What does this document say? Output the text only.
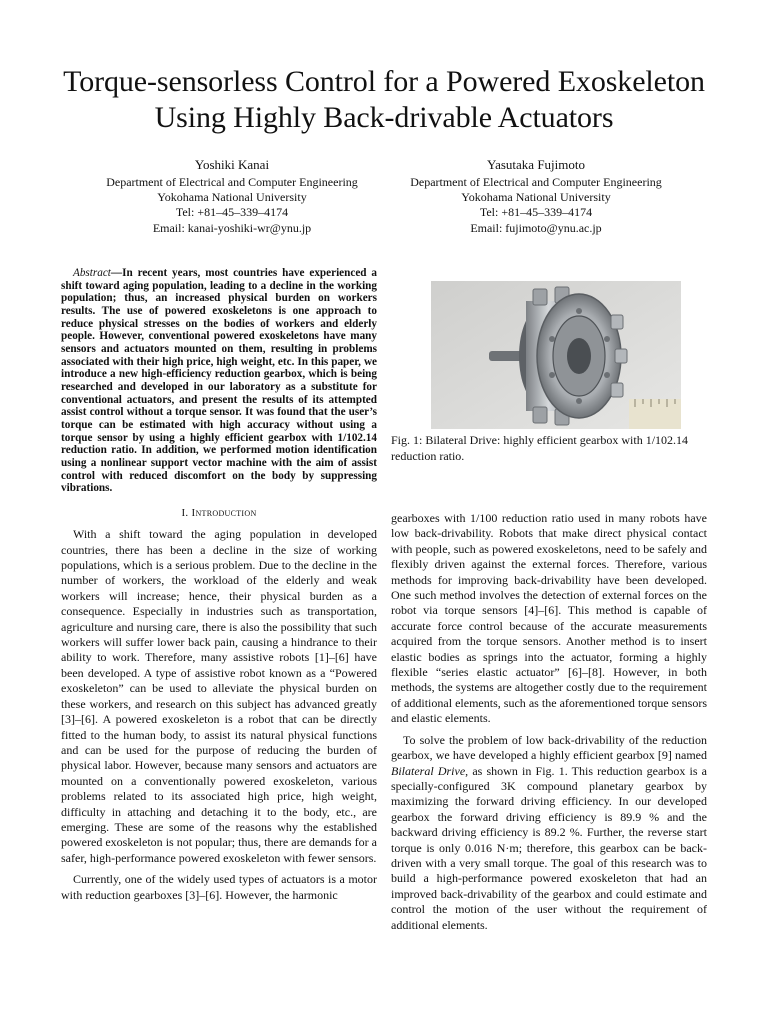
Torque-sensorless Control for a Powered Exoskeleton Using Highly Back-drivable Actuators
Yoshiki Kanai
Department of Electrical and Computer Engineering
Yokohama National University
Tel: +81–45–339–4174
Email: kanai-yoshiki-wr@ynu.jp
Yasutaka Fujimoto
Department of Electrical and Computer Engineering
Yokohama National University
Tel: +81–45–339–4174
Email: fujimoto@ynu.ac.jp

Abstract—In recent years, most countries have experienced a shift toward aging population, leading to a decline in the working population; thus, an increased physical burden on workers results. The use of powered exoskeletons is one approach to reduce physical stresses on the bodies of workers and elderly people. However, conventional powered exoskeletons have many sensors and actuators mounted on them, resulting in problems associated with their high price, high weight, etc. In this paper, we introduce a new high-efficiency reduction gearbox, which is being researched and developed in our laboratory as a substitute for conventional actuators, and present the results of its attempted assist control without a torque sensor. It was found that the user’s torque can be estimated with high accuracy without using a torque sensor by using a highly efficient gearbox with 1/102.14 reduction ratio. In addition, we performed motion identification using a nonlinear support vector machine with the aim of assist control with reduced discomfort on the body by suppressing vibrations.

I. Introduction

With a shift toward the aging population in developed countries, there has been a decline in the size of working populations, which is a serious problem. Due to the decline in the number of workers, the workload of the elderly and weak workers will increase; hence, their physical burden as a consequence. Especially in industries such as transportation, agriculture and nursing care, there is also the possibility that such workers will suffer lower back pain, causing a hindrance to their ability to work. Therefore, many assistive robots [1]–[6] have been developed. A type of assistive robot known as a “Powered exoskeleton” can be used to alleviate the physical burden on these workers, and research on this subject has advanced greatly [3]–[6]. A powered exoskeleton is a robot that can be directly fitted to the human body, to assist its natural physical functions and can be used for the purpose of reducing the burden of physical labor. However, because many sensors and actuators are mounted on a conventionally powered exoskeleton, various problems related to its associated high price, high weight, difficulty in attaching and detaching it to the body, etc., are emerging. These are some of the reasons why the established powered exoskeleton is not popular; thus, there are demands for a safer, high-performance powered exoskeleton with fewer sensors.

Currently, one of the widely used types of actuators is a motor with reduction gearboxes [3]–[6]. However, the harmonic

Fig. 1: Bilateral Drive: highly efficient gearbox with 1/102.14 reduction ratio.

gearboxes with 1/100 reduction ratio used in many robots have low back-drivability. Robots that make direct physical contact with people, such as powered exoskeletons, need to be safely and flexibly driven against the external forces. Therefore, various methods for improving back-drivability have been developed. One such method involves the detection of external forces on the robot via torque sensors [4]–[6]. This method is capable of accurate force control because of the accurate measurements acquired from the torque sensors. Another method is to insert elastic bodies as springs into the actuator, forming a highly flexible “series elastic actuator” [6]–[8]. However, in both methods, the systems are altogether costly due to the requirement of additional elements, such as the aforementioned torque sensors and elastic elements.

To solve the problem of low back-drivability of the reduction gearbox, we have developed a highly efficient gearbox [9] named Bilateral Drive, as shown in Fig. 1. This reduction gearbox is a specially-configured 3K compound planetary gearbox by maximizing the forward driving efficiency. In our developed gearbox the forward driving efficiency is 89.9 % and the backward driving efficiency is 89.2 %. Further, the reverse start torque is only 0.016 N·m; therefore, this gearbox can be back-driven with a very small torque. The goal of this research was to build a high-performance powered exoskeleton that had an improved back-drivability of the gearbox and could estimate and control the motion of the user without the requirement of additional elements.
